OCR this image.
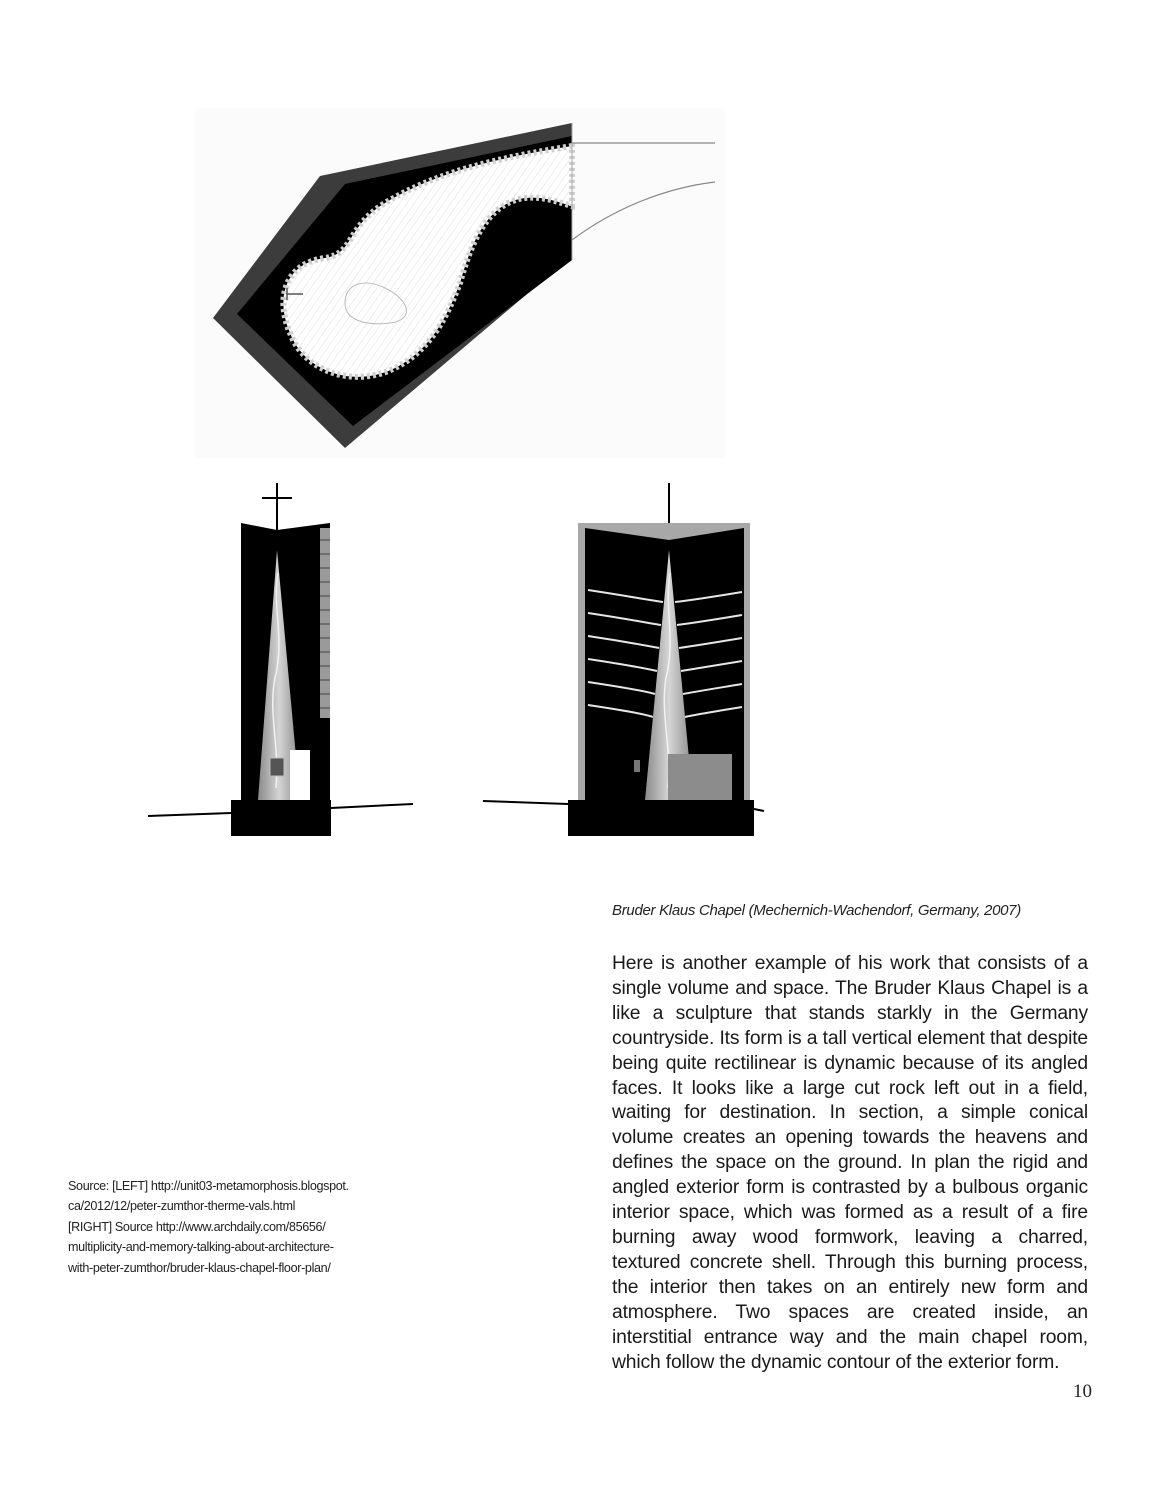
Bruder Klaus Chapel (Mechernich-Wachendorf, Germany, 2007)
Here is another example of his work that consists of a single volume and space. The Bruder Klaus Chapel is a like a sculpture that stands starkly in the Germany countryside. Its form is a tall vertical element that despite being quite rectilinear is dynamic because of its angled faces. It looks like a large cut rock left out in a field, waiting for destination. In section, a simple conical volume creates an opening towards the heavens and defines the space on the ground. In plan the rigid and angled exterior form is contrasted by a bulbous organic interior space, which was formed as a result of a fire burning away wood formwork, leaving a charred, textured concrete shell. Through this burning process, the interior then takes on an entirely new form and atmosphere. Two spaces are created inside, an interstitial entrance way and the main chapel room, which follow the dynamic contour of the exterior form.
Source: [LEFT] http://unit03-metamorphosis.blogspot.
ca/2012/12/peter-zumthor-therme-vals.html
[RIGHT] Source http://www.archdaily.com/85656/
multiplicity-and-memory-talking-about-architecture-
with-peter-zumthor/bruder-klaus-chapel-floor-plan/
10
